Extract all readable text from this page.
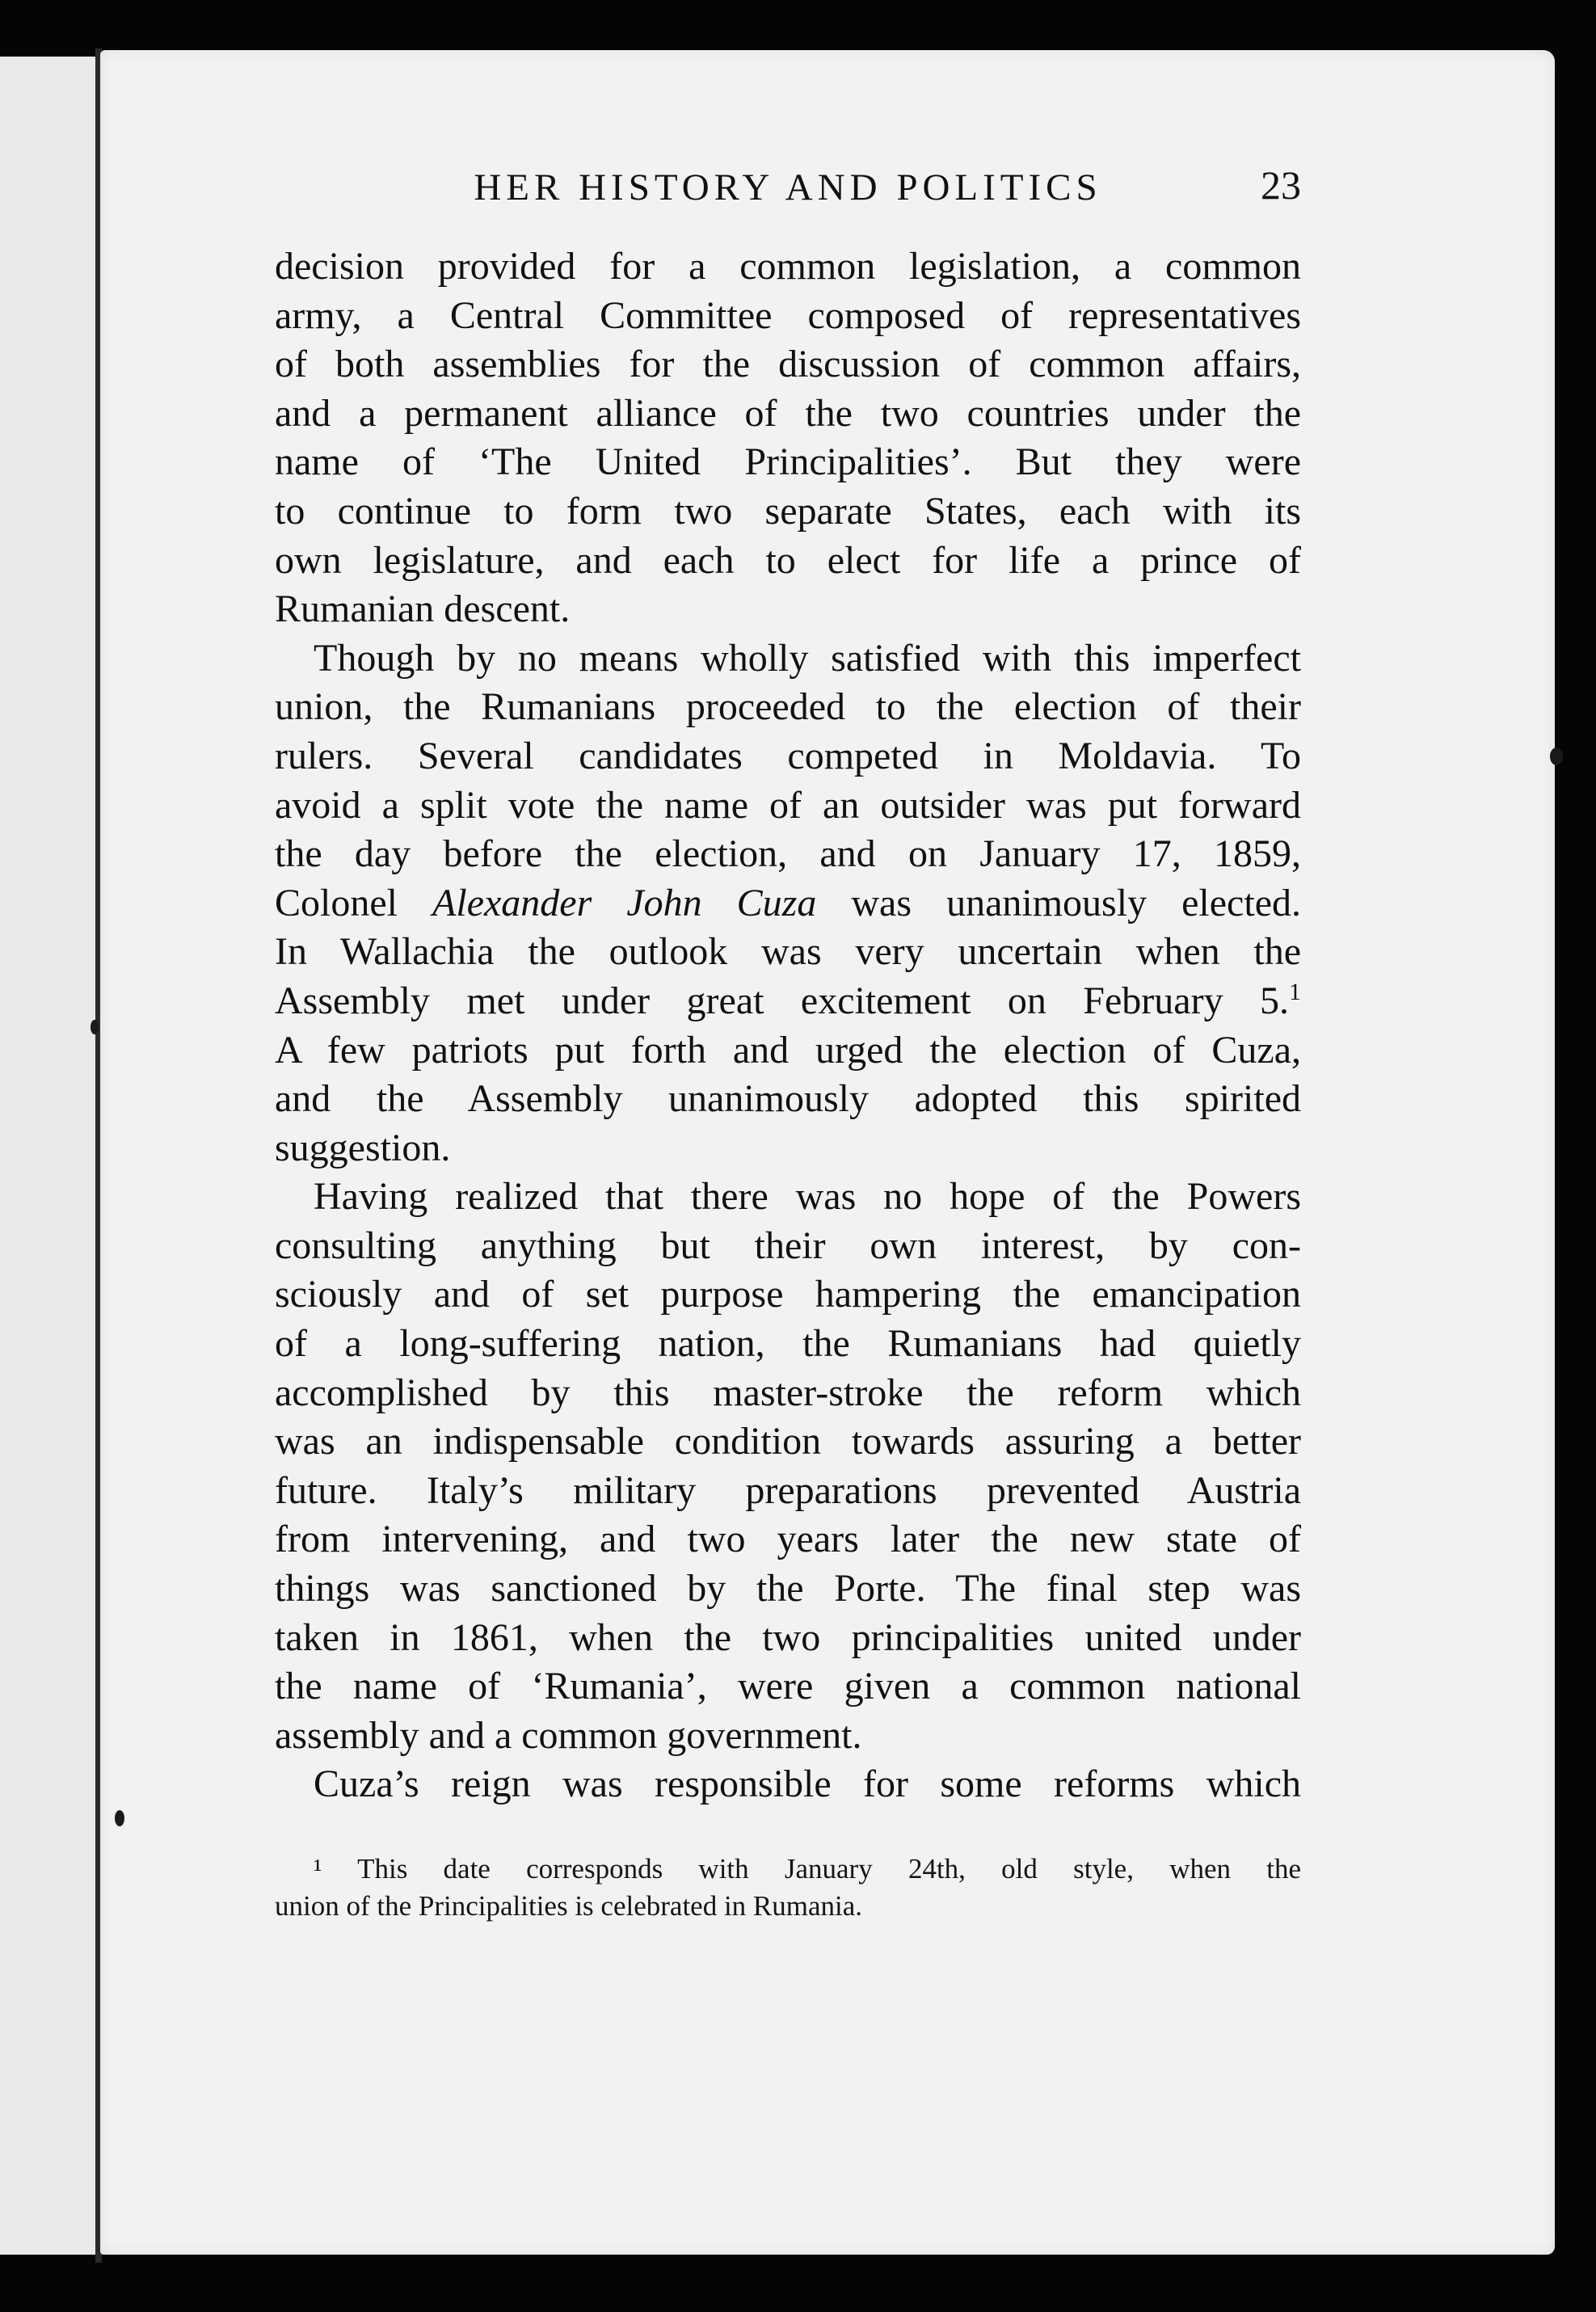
HER HISTORY AND POLITICS	23
decision provided for a common legislation, a common
army, a Central Committee composed of representatives
of both assemblies for the discussion of common affairs,
and a permanent alliance of the two countries under the
name of ‘The United Principalities’. But they were
to continue to form two separate States, each with its
own legislature, and each to elect for life a prince of
Rumanian descent.
Though by no means wholly satisfied with this imperfect
union, the Rumanians proceeded to the election of their
rulers. Several candidates competed in Moldavia. To
avoid a split vote the name of an outsider was put forward
the day before the election, and on January 17, 1859,
Colonel Alexander John Cuza was unanimously elected.
In Wallachia the outlook was very uncertain when the
Assembly met under great excitement on February 5.$^1$
A few patriots put forth and urged the election of Cuza,
and the Assembly unanimously adopted this spirited
suggestion.
Having realized that there was no hope of the Powers
consulting anything but their own interest, by con-
sciously and of set purpose hampering the emancipation
of a long-suffering nation, the Rumanians had quietly
accomplished by this master-stroke the reform which
was an indispensable condition towards assuring a better
future. Italy’s military preparations prevented Austria
from intervening, and two years later the new state of
things was sanctioned by the Porte. The final step was
taken in 1861, when the two principalities united under
the name of ‘Rumania’, were given a common national
assembly and a common government.
Cuza’s reign was responsible for some reforms which
¹ This date corresponds with January 24th, old style, when the
union of the Principalities is celebrated in Rumania.
